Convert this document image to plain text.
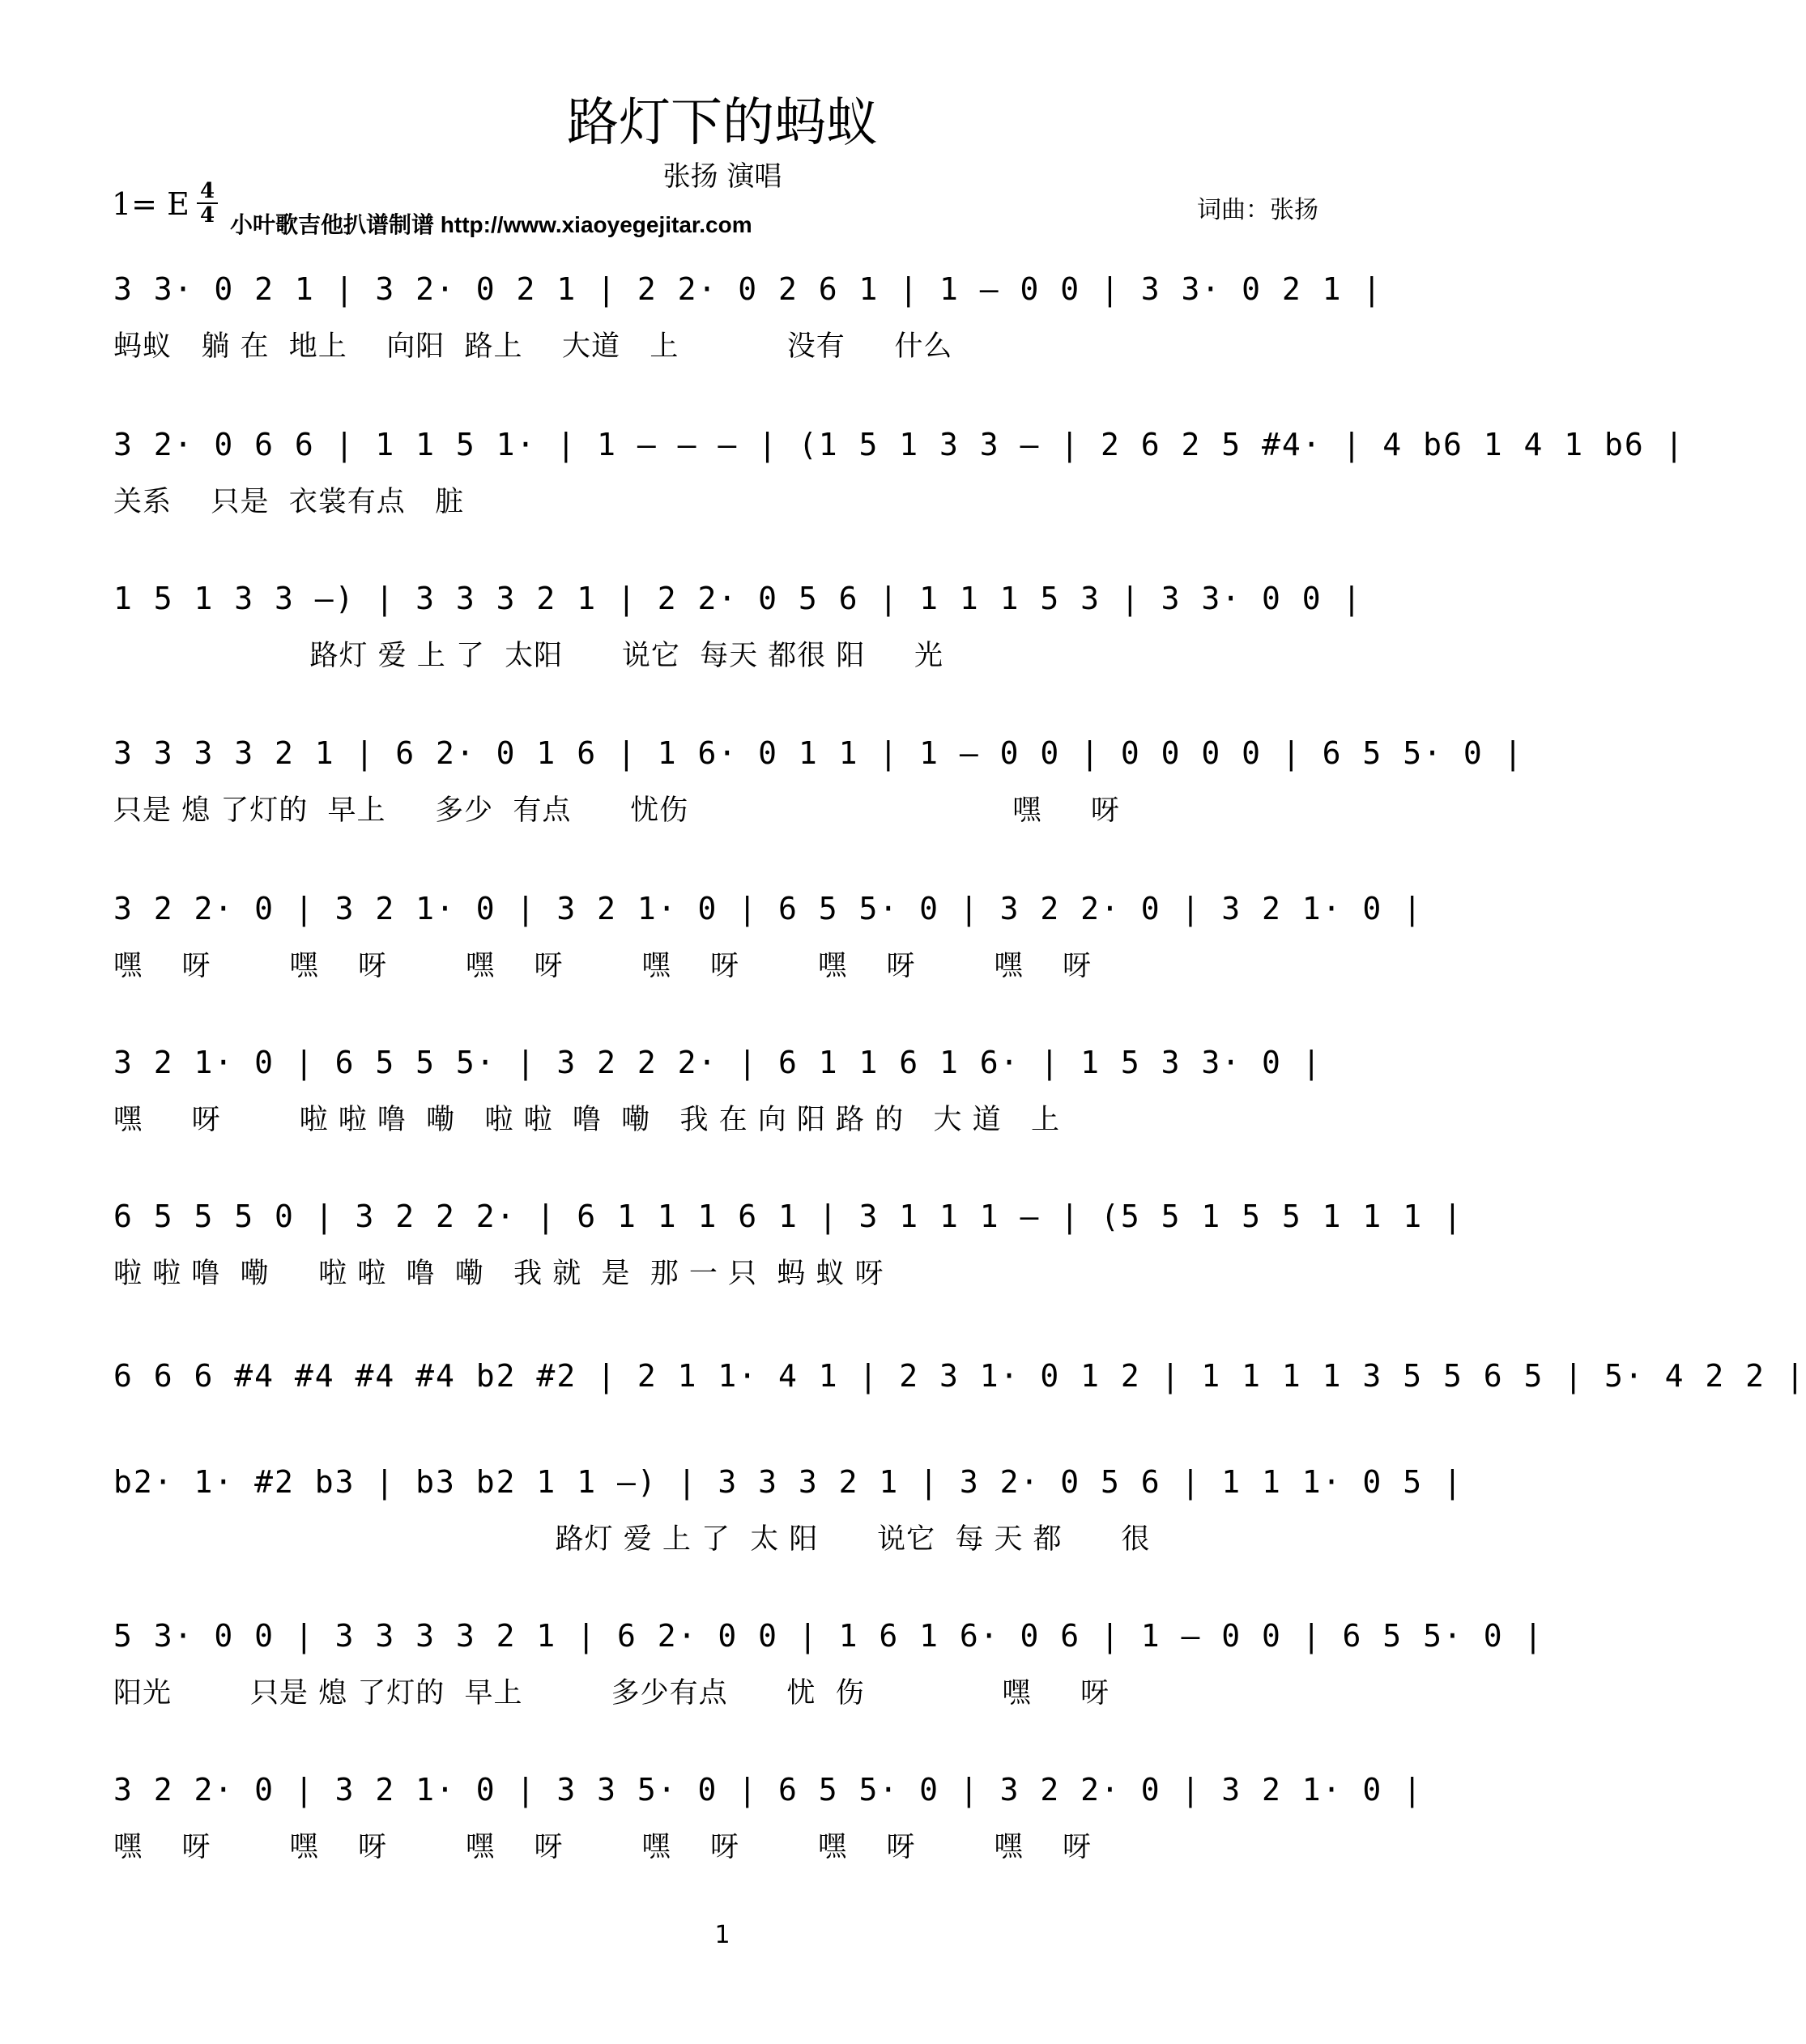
路灯下的蚂蚁
张扬 演唱
1= E 4
4 小叶歌吉他扒谱制谱 http://www.xiaoyegejitar.com
词曲：张扬
3 3· 0 2 1 | 3 2· 0 2 1 | 2 2· 0 2 6 1 | 1 — 0 0 | 3 3· 0 2 1 |
蚂蚁   躺 在  地上    向阳  路上    大道   上           没有     什么
3 2· 0 6 6 | 1 1 5 1· | 1 — — — | (1 5 1 3 3 — | 2 6 2 5 #4· | 4 b6 1 4 1 b6 |
关系    只是  衣裳有点   脏
1 5 1 3 3 —) | 3 3 3 2 1 | 2 2· 0 5 6 | 1 1 1 5 3 | 3 3· 0 0 |
路灯 爱 上 了  太阳      说它  每天 都很 阳     光
3 3 3 3 2 1 | 6 2· 0 1 6 | 1 6· 0 1 1 | 1 — 0 0 | 0 0 0 0 | 6 5 5· 0 |
只是 熄 了灯的  早上     多少  有点      忧伤                                 嘿     呀
3 2 2· 0 | 3 2 1· 0 | 3 2 1· 0 | 6 5 5· 0 | 3 2 2· 0 | 3 2 1· 0 |
嘿    呀        嘿    呀        嘿    呀        嘿    呀        嘿    呀        嘿    呀
3 2 1· 0 | 6 5 5 5· | 3 2 2 2· | 6 1 1 6 1 6· | 1 5 3 3· 0 |
嘿     呀        啦 啦 噜  嘞   啦 啦  噜  嘞   我 在 向 阳 路 的   大 道   上
6 5 5 5 0 | 3 2 2 2· | 6 1 1 1 6 1 | 3 1 1 1 — | (5 5 1 5 5 1 1 1 |
啦 啦 噜  嘞     啦 啦  噜  嘞   我 就  是  那 一 只  蚂 蚁 呀
6 6 6 #4 #4 #4 #4 b2 #2 | 2 1 1· 4 1 | 2 3 1· 0 1 2 | 1 1 1 1 3 5 5 6 5 | 5· 4 2 2 |
b2· 1· #2 b3 | b3 b2 1 1 —) | 3 3 3 2 1 | 3 2· 0 5 6 | 1 1 1· 0 5 |
路灯 爱 上 了  太 阳      说它  每 天 都      很
5 3· 0 0 | 3 3 3 3 2 1 | 6 2· 0 0 | 1 6 1 6· 0 6 | 1 — 0 0 | 6 5 5· 0 |
阳光        只是 熄 了灯的  早上         多少有点      忧  伤              嘿     呀
3 2 2· 0 | 3 2 1· 0 | 3 3 5· 0 | 6 5 5· 0 | 3 2 2· 0 | 3 2 1· 0 |
嘿    呀        嘿    呀        嘿    呀        嘿    呀        嘿    呀        嘿    呀
1
